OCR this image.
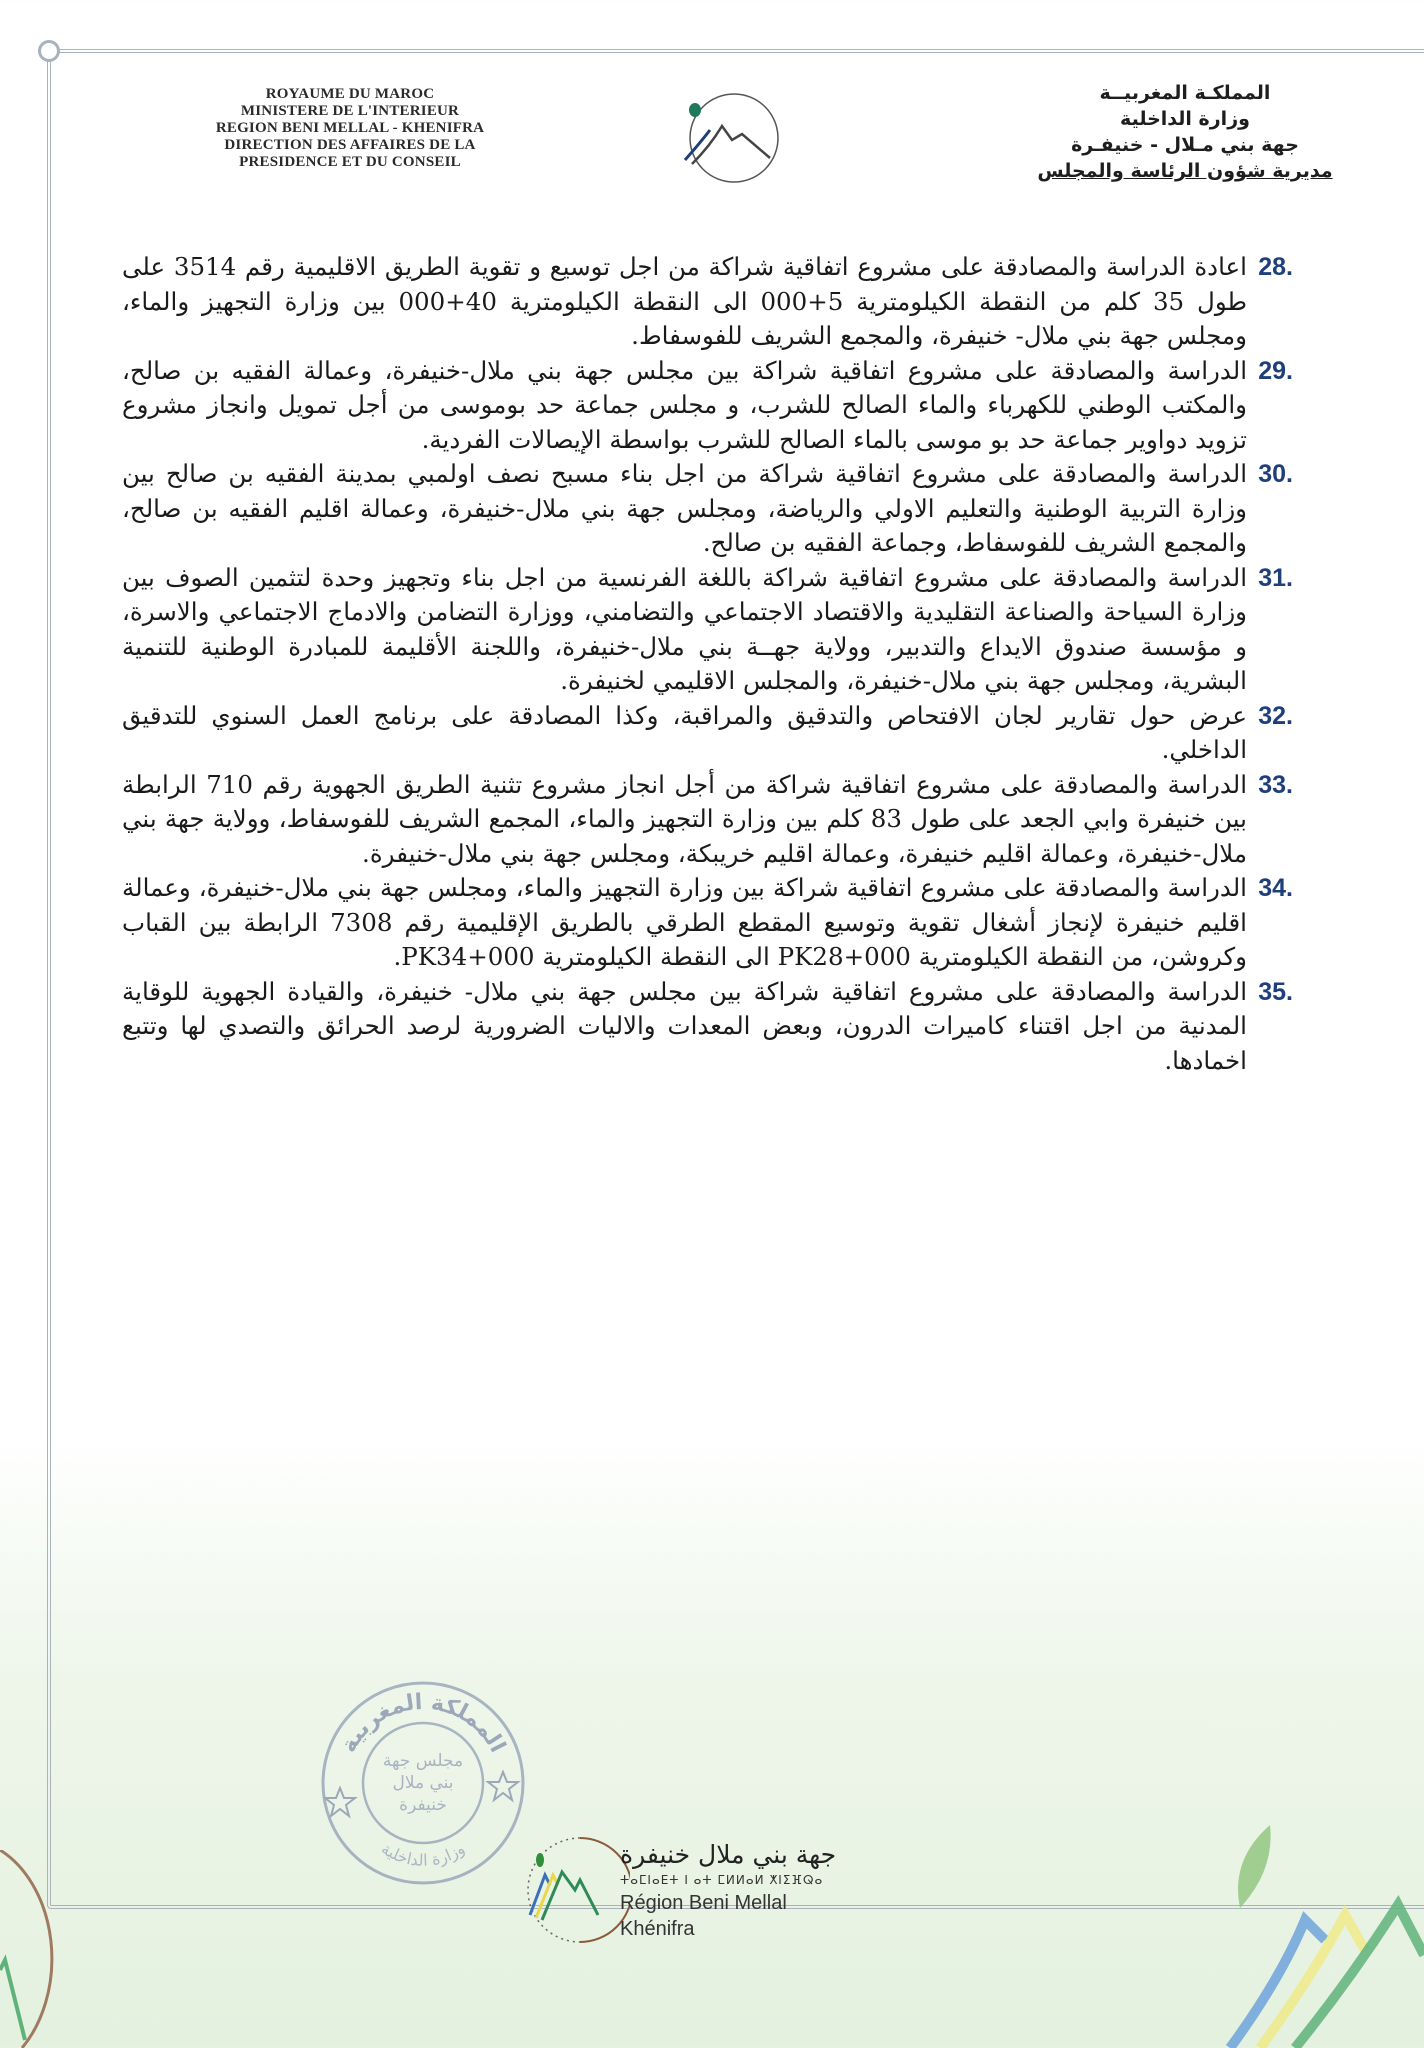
ROYAUME DU MAROC
MINISTERE DE L'INTERIEUR
REGION BENI MELLAL - KHENIFRA
DIRECTION DES AFFAIRES DE LA
PRESIDENCE ET DU CONSEIL
المملكـة المغربيــة
وزارة الداخلية
جهة بني مـلال - خنيفـرة
مديرية شؤون الرئاسة والمجلس
28.
اعادة الدراسة والمصادقة على مشروع اتفاقية شراكة من اجل توسيع و تقوية الطريق الاقليمية رقم 3514 على طول 35 كلم من النقطة الكيلومترية 5+000 الى النقطة الكيلومترية 40+000 بين وزارة التجهيز والماء، ومجلس جهة بني ملال- خنيفرة، والمجمع الشريف للفوسفاط.
29.
الدراسة والمصادقة على مشروع اتفاقية شراكة بين مجلس جهة بني ملال-خنيفرة، وعمالة الفقيه بن صالح، والمكتب الوطني للكهرباء والماء الصالح للشرب، و مجلس جماعة حد بوموسى من أجل تمويل وانجاز مشروع تزويد دواوير جماعة حد بو موسى بالماء الصالح للشرب بواسطة الإيصالات الفردية.
30.
الدراسة والمصادقة على مشروع اتفاقية شراكة من اجل بناء مسبح نصف اولمبي بمدينة الفقيه بن صالح بين وزارة التربية الوطنية والتعليم الاولي والرياضة، ومجلس جهة بني ملال-خنيفرة، وعمالة اقليم الفقيه بن صالح، والمجمع الشريف للفوسفاط، وجماعة الفقيه بن صالح.
31.
الدراسة والمصادقة على مشروع اتفاقية شراكة باللغة الفرنسية من اجل بناء وتجهيز وحدة لتثمين الصوف بين وزارة السياحة والصناعة التقليدية والاقتصاد الاجتماعي والتضامني، ووزارة التضامن والادماج الاجتماعي والاسرة، و مؤسسة صندوق الايداع والتدبير، وولاية جهــة بني ملال-خنيفرة، واللجنة الأقليمة للمبادرة الوطنية للتنمية البشرية، ومجلس جهة بني ملال-خنيفرة، والمجلس الاقليمي لخنيفرة.
32.
عرض حول تقارير لجان الافتحاص والتدقيق والمراقبة، وكذا المصادقة على برنامج العمل السنوي للتدقيق الداخلي.
33.
الدراسة والمصادقة على مشروع اتفاقية شراكة من أجل انجاز مشروع تثنية الطريق الجهوية رقم 710 الرابطة بين خنيفرة وابي الجعد على طول 83 كلم بين وزارة التجهيز والماء، المجمع الشريف للفوسفاط، وولاية جهة بني ملال-خنيفرة، وعمالة اقليم خنيفرة، وعمالة اقليم خريبكة، ومجلس جهة بني ملال-خنيفرة.
34.
الدراسة والمصادقة على مشروع اتفاقية شراكة بين وزارة التجهيز والماء، ومجلس جهة بني ملال-خنيفرة، وعمالة اقليم خنيفرة لإنجاز أشغال تقوية وتوسيع المقطع الطرقي بالطريق الإقليمية رقم 7308 الرابطة بين القباب وكروشن، من النقطة الكيلومترية PK28+000 الى النقطة الكيلومترية PK34+000.
35.
الدراسة والمصادقة على مشروع اتفاقية شراكة بين مجلس جهة بني ملال- خنيفرة، والقيادة الجهوية للوقاية المدنية من اجل اقتناء كاميرات الدرون، وبعض المعدات والاليات الضرورية لرصد الحرائق والتصدي لها وتتبع اخمادها.
المملكة المغربية
وزارة الداخلية
مجلس جهة
بني ملال
خنيفرة
جهة بني ملال خنيفرة
ⵜⴰⵎⵏⴰⴹⵜ ⵏ ⴰⵜ ⵎⵍⵍⴰⵍ ⵅⵏⵉⴼⵕⴰ
Région Beni Mellal Khénifra
